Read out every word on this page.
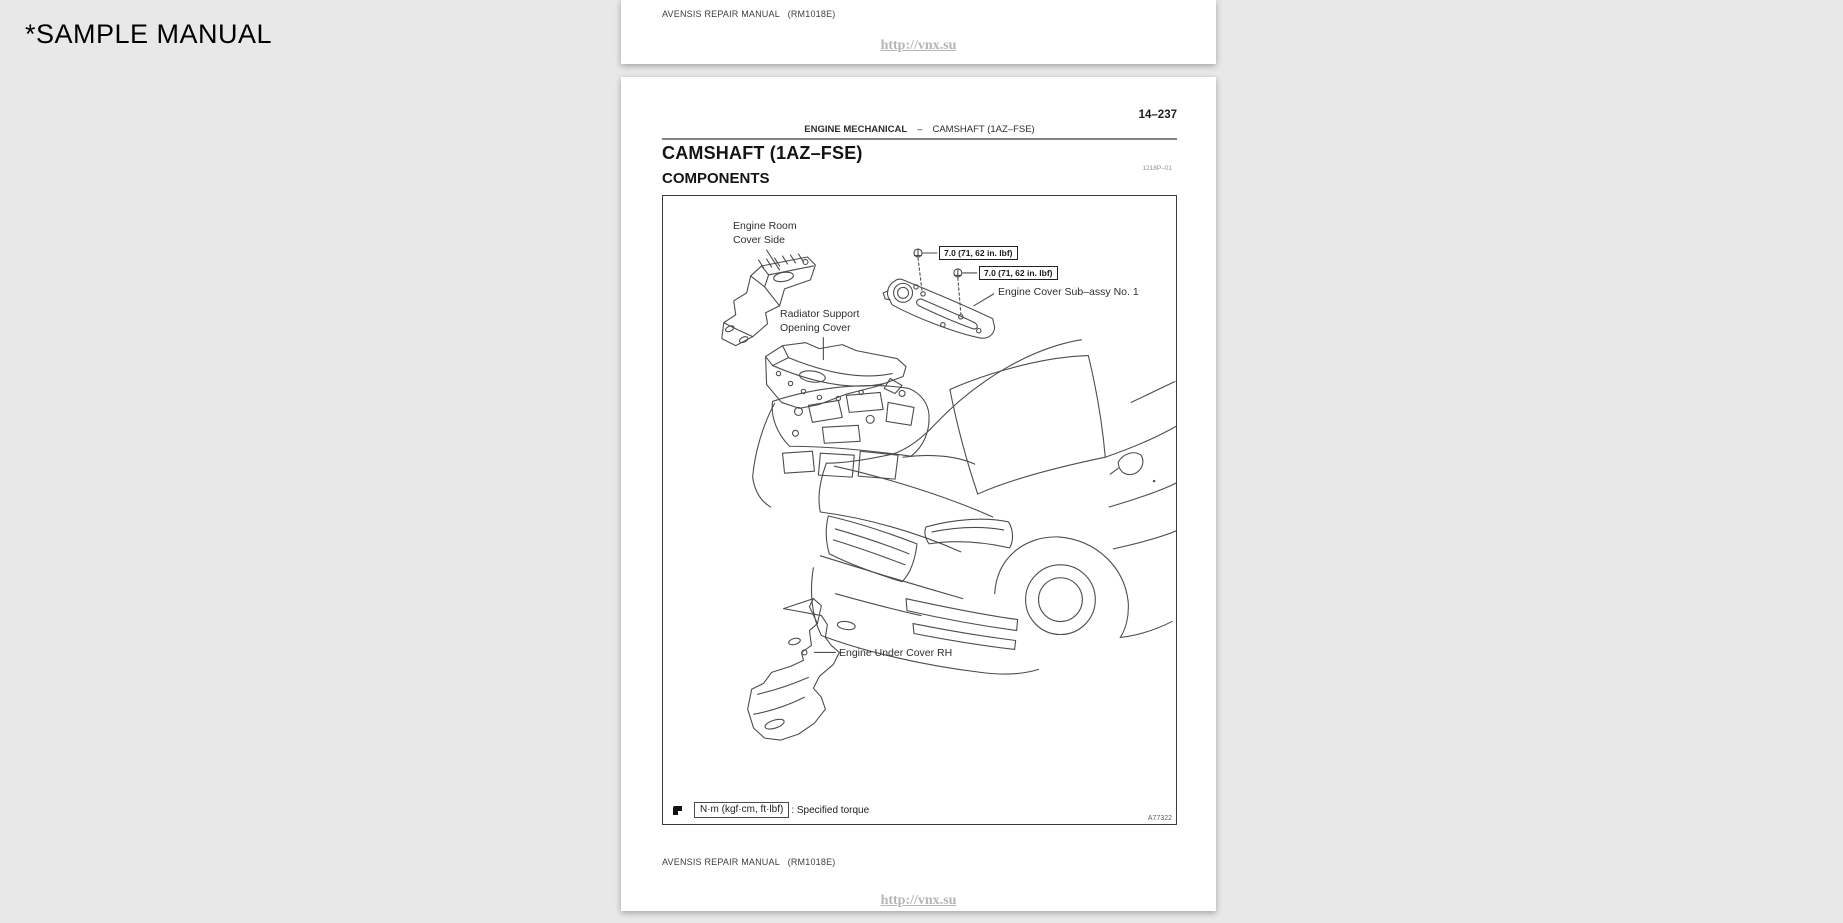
*SAMPLE MANUAL
AVENSIS REPAIR MANUAL   (RM1018E)
http://vnx.su
14–237
ENGINE MECHANICAL – CAMSHAFT (1AZ–FSE)
CAMSHAFT (1AZ–FSE)
COMPONENTS
1218P–01
Engine Room
Cover Side
Radiator Support
Opening Cover
7.0 (71, 62 in. lbf)
7.0 (71, 62 in. lbf)
Engine Cover Sub–assy No. 1
Engine Under Cover RH
N·m (kgf·cm, ft·lbf) : Specified torque
A77322
AVENSIS REPAIR MANUAL   (RM1018E)
http://vnx.su
